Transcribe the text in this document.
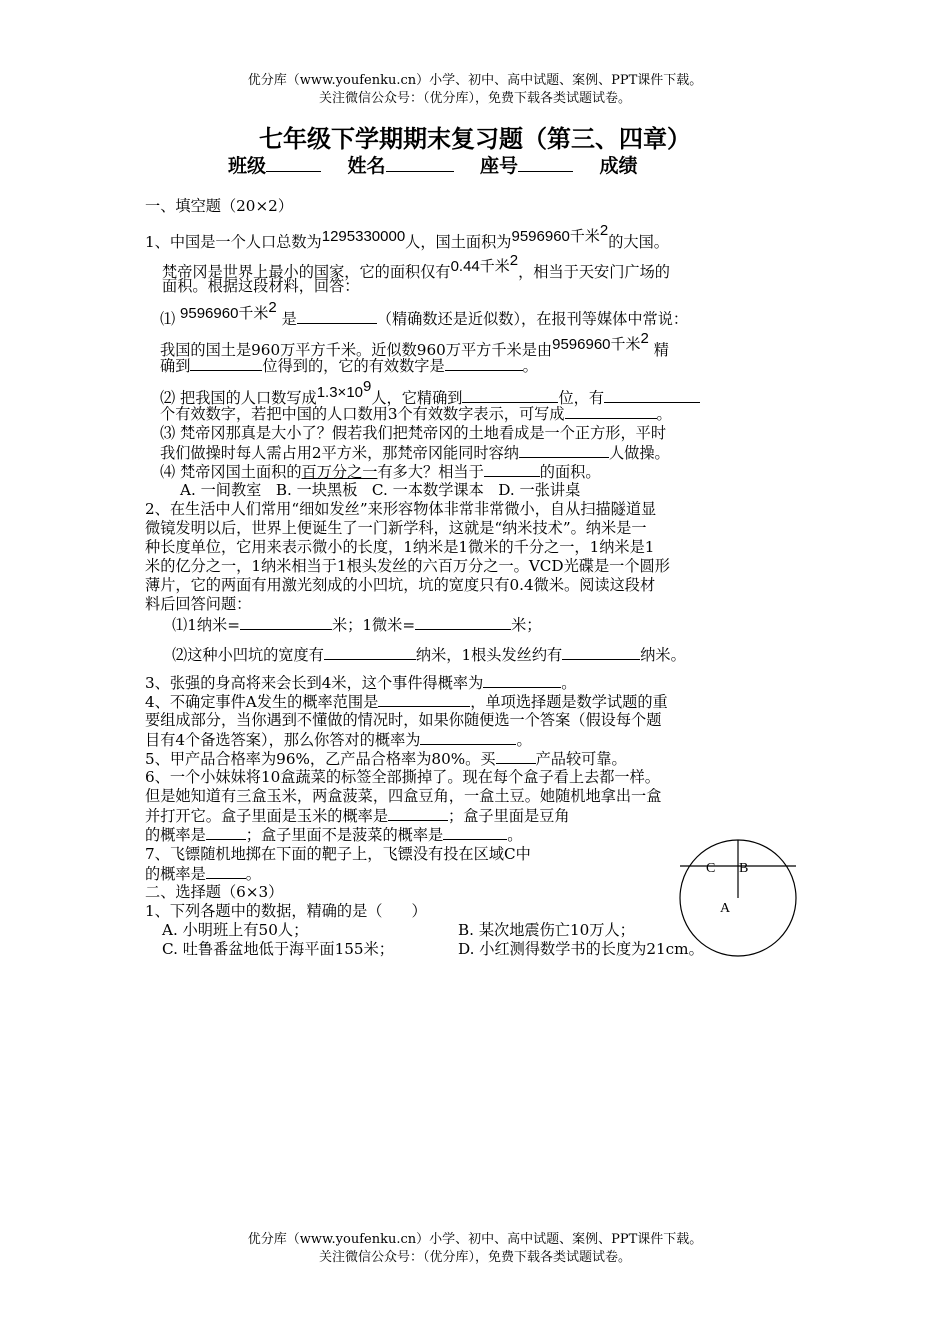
优分库（www.youfenku.cn）小学、初中、高中试题、案例、PPT课件下载。
关注微信公众号：（优分库），免费下载各类试题试卷。
七年级下学期期末复习题（第三、四章）
班级	姓名	座号	成绩
一、填空题（20×2）
1、中国是一个人口总数为1295330000人，国土面积为9596960千米2的大国。
梵帝冈是世界上最小的国家，它的面积仅有0.44千米2，相当于天安门广场的
面积。根据这段材料，回答：
⑴ 9596960千米2 是	（精确数还是近似数），在报刊等媒体中常说：
我国的国土是960万平方千米。近似数960万平方千米是由9596960千米2 精
确到	位得到的，它的有效数字是	。
⑵ 把我国的人口数写成1.3×109人，它精确到	位，有
个有效数字，若把中国的人口数用3个有效数字表示，可写成	。
⑶ 梵帝冈那真是大小了？假若我们把梵帝冈的土地看成是一个正方形，平时
我们做操时每人需占用2平方米，那梵帝冈能同时容纳	人做操。
⑷ 梵帝冈国土面积的百万分之一有多大？相当于	的面积。
A. 一间教室   B. 一块黑板   C. 一本数学课本   D. 一张讲桌
2、在生活中人们常用“细如发丝”来形容物体非常非常微小，自从扫描隧道显
微镜发明以后，世界上便诞生了一门新学科，这就是“纳米技术”。纳米是一
种长度单位，它用来表示微小的长度，1纳米是1微米的千分之一，1纳米是1
米的亿分之一，1纳米相当于1根头发丝的六百万分之一。VCD光碟是一个圆形
薄片，它的两面有用激光刻成的小凹坑，坑的宽度只有0.4微米。阅读这段材
料后回答问题：
⑴1纳米=	米；1微米=	米；
⑵这种小凹坑的宽度有	纳米，1根头发丝约有	纳米。
3、张强的身高将来会长到4米，这个事件得概率为	。
4、不确定事件A发生的概率范围是	，单项选择题是数学试题的重
要组成部分，当你遇到不懂做的情况时，如果你随便选一个答案（假设每个题
目有4个备选答案），那么你答对的概率为	。
5、甲产品合格率为96%，乙产品合格率为80%。买	产品较可靠。
6、一个小妹妹将10盒蔬菜的标签全部撕掉了。现在每个盒子看上去都一样。
但是她知道有三盒玉米，两盒菠菜，四盒豆角，一盒土豆。她随机地拿出一盒
并打开它。盒子里面是玉米的概率是	；盒子里面是豆角
的概率是	；盒子里面不是菠菜的概率是	。
7、飞镖随机地掷在下面的靶子上，飞镖没有投在区域C中
的概率是	。	C B
A
二、选择题（6×3）
1、下列各题中的数据，精确的是（      ）
A. 小明班上有50人；	B. 某次地震伤亡10万人；
C. 吐鲁番盆地低于海平面155米；	D. 小红测得数学书的长度为21cm。
优分库（www.youfenku.cn）小学、初中、高中试题、案例、PPT课件下载。
关注微信公众号：（优分库），免费下载各类试题试卷。
